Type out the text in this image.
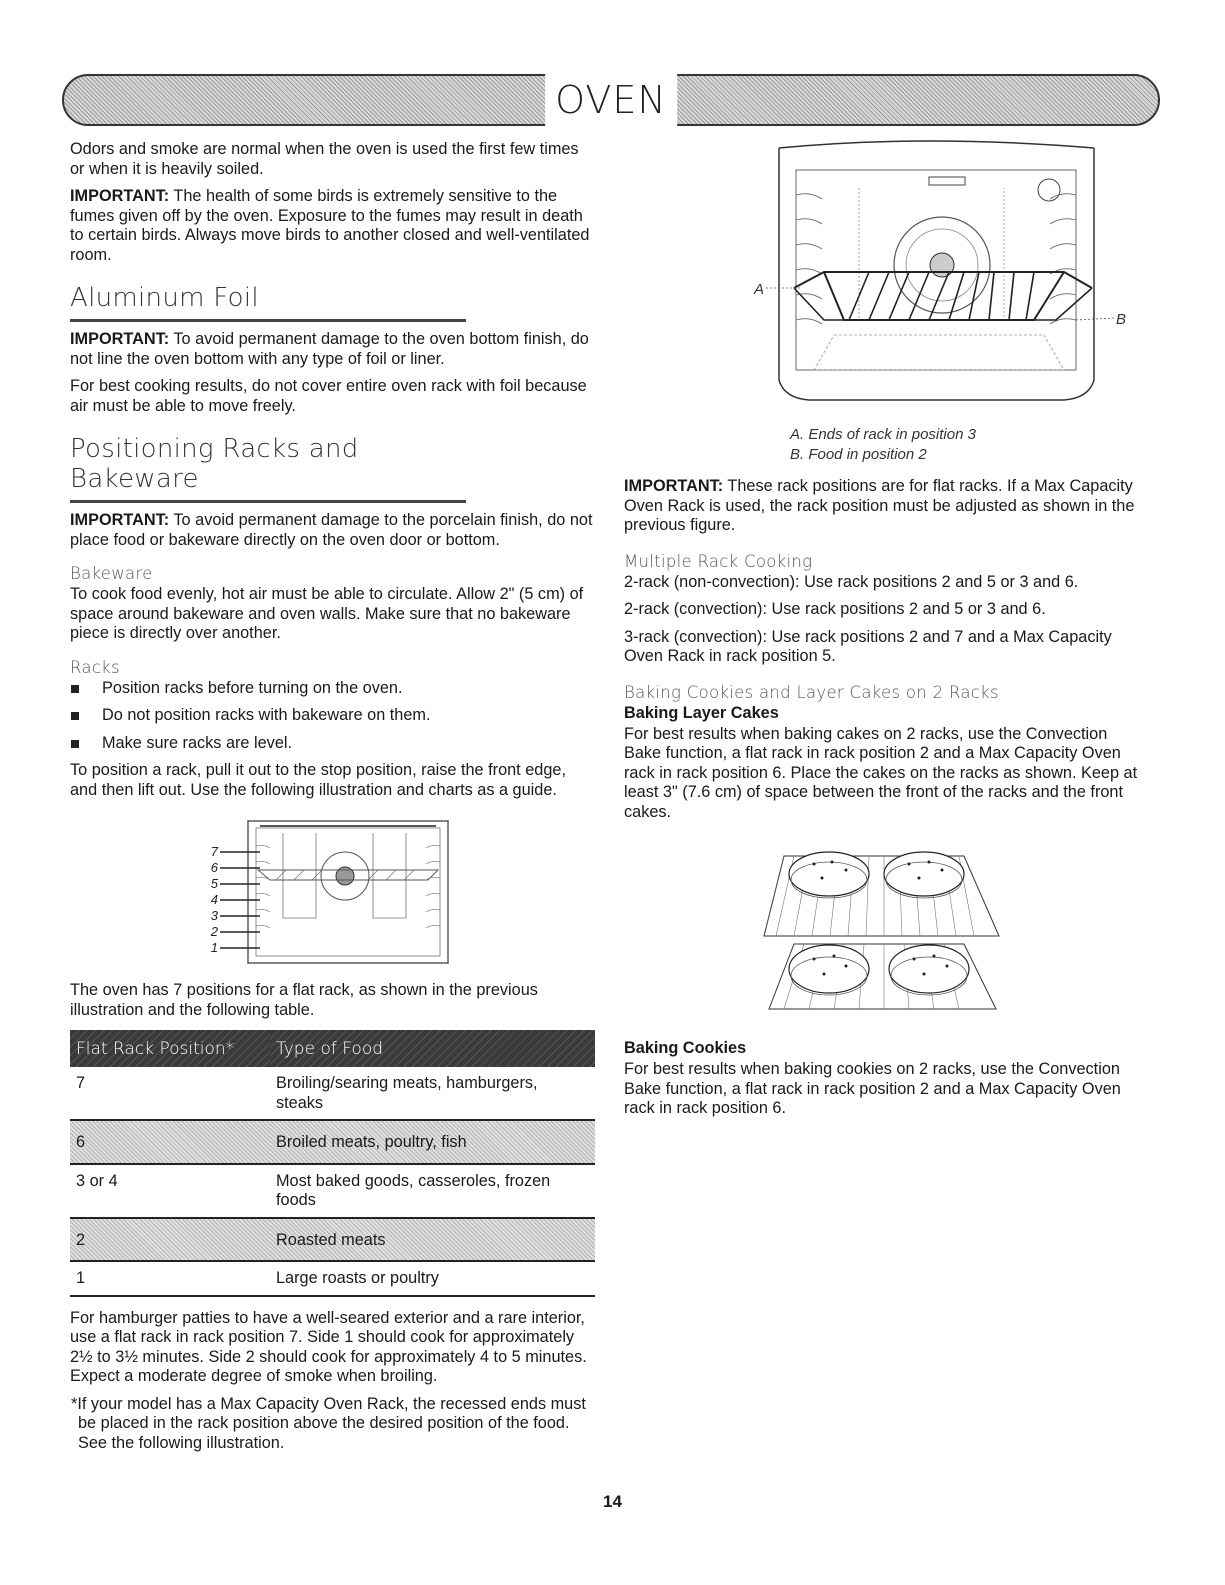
OVEN

Odors and smoke are normal when the oven is used the first few times or when it is heavily soiled.

IMPORTANT: The health of some birds is extremely sensitive to the fumes given off by the oven. Exposure to the fumes may result in death to certain birds. Always move birds to another closed and well-ventilated room.

Aluminum Foil

IMPORTANT: To avoid permanent damage to the oven bottom finish, do not line the oven bottom with any type of foil or liner.

For best cooking results, do not cover entire oven rack with foil because air must be able to move freely.

Positioning Racks and Bakeware

IMPORTANT: To avoid permanent damage to the porcelain finish, do not place food or bakeware directly on the oven door or bottom.

Bakeware

To cook food evenly, hot air must be able to circulate. Allow 2" (5 cm) of space around bakeware and oven walls. Make sure that no bakeware piece is directly over another.

Racks
Position racks before turning on the oven.
Do not position racks with bakeware on them.
Make sure racks are level.

To position a rack, pull it out to the stop position, raise the front edge, and then lift out. Use the following illustration and charts as a guide.

7
6
5
4
3
2
1

The oven has 7 positions for a flat rack, as shown in the previous illustration and the following table.

Flat Rack Position*	Type of Food
7	Broiling/searing meats, hamburgers, steaks
6	Broiled meats, poultry, fish
3 or 4	Most baked goods, casseroles, frozen foods
2	Roasted meats
1	Large roasts or poultry

For hamburger patties to have a well-seared exterior and a rare interior, use a flat rack in rack position 7. Side 1 should cook for approximately 2½ to 3½ minutes. Side 2 should cook for approximately 4 to 5 minutes. Expect a moderate degree of smoke when broiling.

*If your model has a Max Capacity Oven Rack, the recessed ends must be placed in the rack position above the desired position of the food. See the following illustration.

A
B
A. Ends of rack in position 3
B. Food in position 2

IMPORTANT: These rack positions are for flat racks. If a Max Capacity Oven Rack is used, the rack position must be adjusted as shown in the previous figure.

Multiple Rack Cooking

2-rack (non-convection): Use rack positions 2 and 5 or 3 and 6.

2-rack (convection): Use rack positions 2 and 5 or 3 and 6.

3-rack (convection): Use rack positions 2 and 7 and a Max Capacity Oven Rack in rack position 5.

Baking Cookies and Layer Cakes on 2 Racks
Baking Layer Cakes

For best results when baking cakes on 2 racks, use the Convection Bake function, a flat rack in rack position 2 and a Max Capacity Oven rack in rack position 6. Place the cakes on the racks as shown. Keep at least 3" (7.6 cm) of space between the front of the racks and the front cakes.

Baking Cookies

For best results when baking cookies on 2 racks, use the Convection Bake function, a flat rack in rack position 2 and a Max Capacity Oven rack in rack position 6.

14
